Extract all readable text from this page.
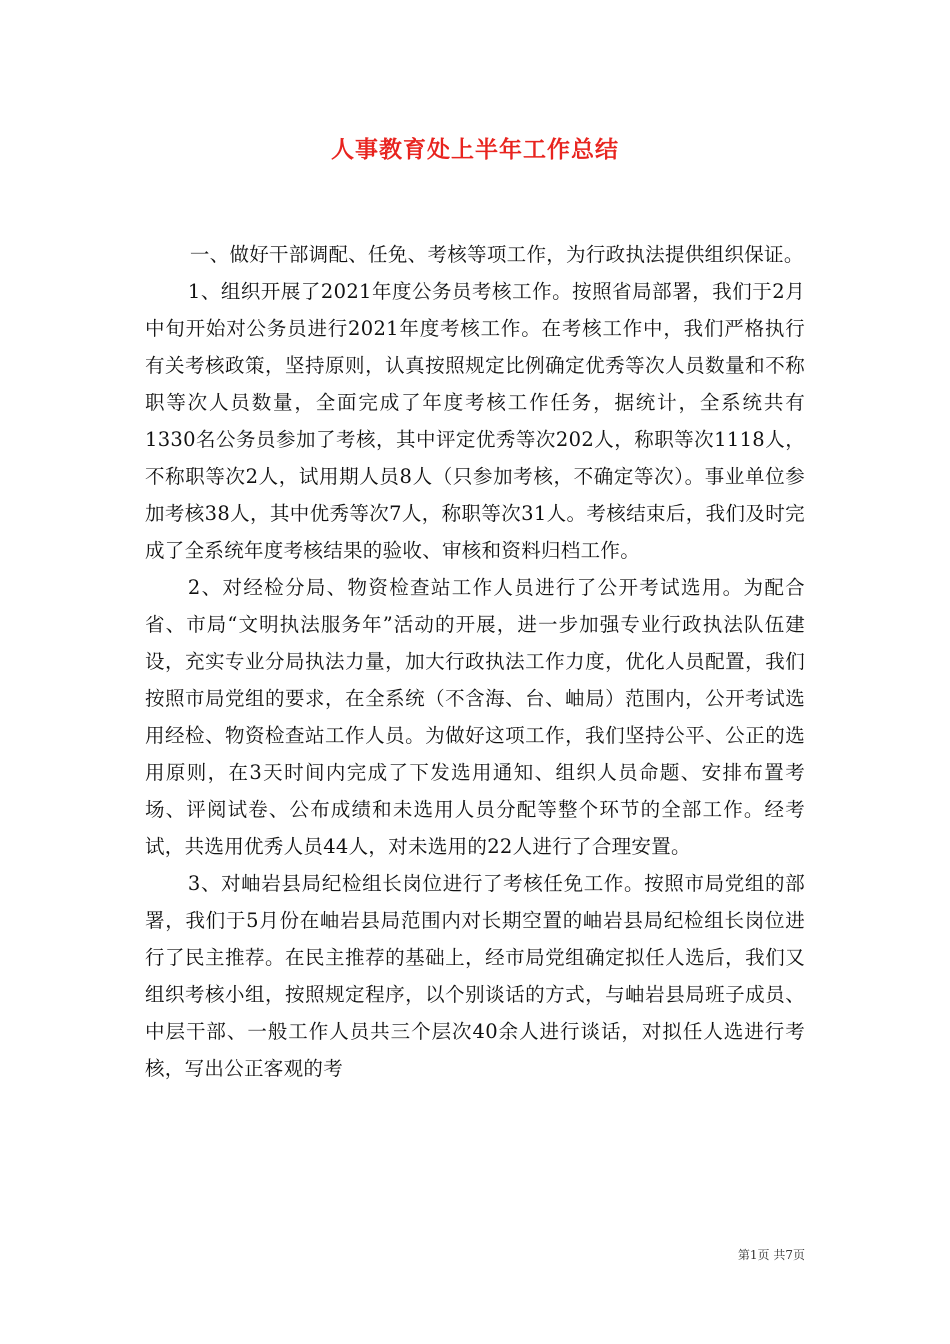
人事教育处上半年工作总结

一、做好干部调配、任免、考核等项工作，为行政执法提供组织保证。

1、组织开展了2021年度公务员考核工作。按照省局部署，我们于2月中旬开始对公务员进行2021年度考核工作。在考核工作中，我们严格执行有关考核政策，坚持原则，认真按照规定比例确定优秀等次人员数量和不称职等次人员数量，全面完成了年度考核工作任务，据统计，全系统共有1330名公务员参加了考核，其中评定优秀等次202人，称职等次1118人，不称职等次2人，试用期人员8人（只参加考核，不确定等次）。事业单位参加考核38人，其中优秀等次7人，称职等次31人。考核结束后，我们及时完成了全系统年度考核结果的验收、审核和资料归档工作。

2、对经检分局、物资检查站工作人员进行了公开考试选用。为配合省、市局“文明执法服务年”活动的开展，进一步加强专业行政执法队伍建设，充实专业分局执法力量，加大行政执法工作力度，优化人员配置，我们按照市局党组的要求，在全系统（不含海、台、岫局）范围内，公开考试选用经检、物资检查站工作人员。为做好这项工作，我们坚持公平、公正的选用原则，在3天时间内完成了下发选用通知、组织人员命题、安排布置考场、评阅试卷、公布成绩和未选用人员分配等整个环节的全部工作。经考试，共选用优秀人员44人，对未选用的22人进行了合理安置。

3、对岫岩县局纪检组长岗位进行了考核任免工作。按照市局党组的部署，我们于5月份在岫岩县局范围内对长期空置的岫岩县局纪检组长岗位进行了民主推荐。在民主推荐的基础上，经市局党组确定拟任人选后，我们又组织考核小组，按照规定程序，以个别谈话的方式，与岫岩县局班子成员、中层干部、一般工作人员共三个层次40余人进行谈话，对拟任人选进行考核，写出公正客观的考

第1页 共7页
